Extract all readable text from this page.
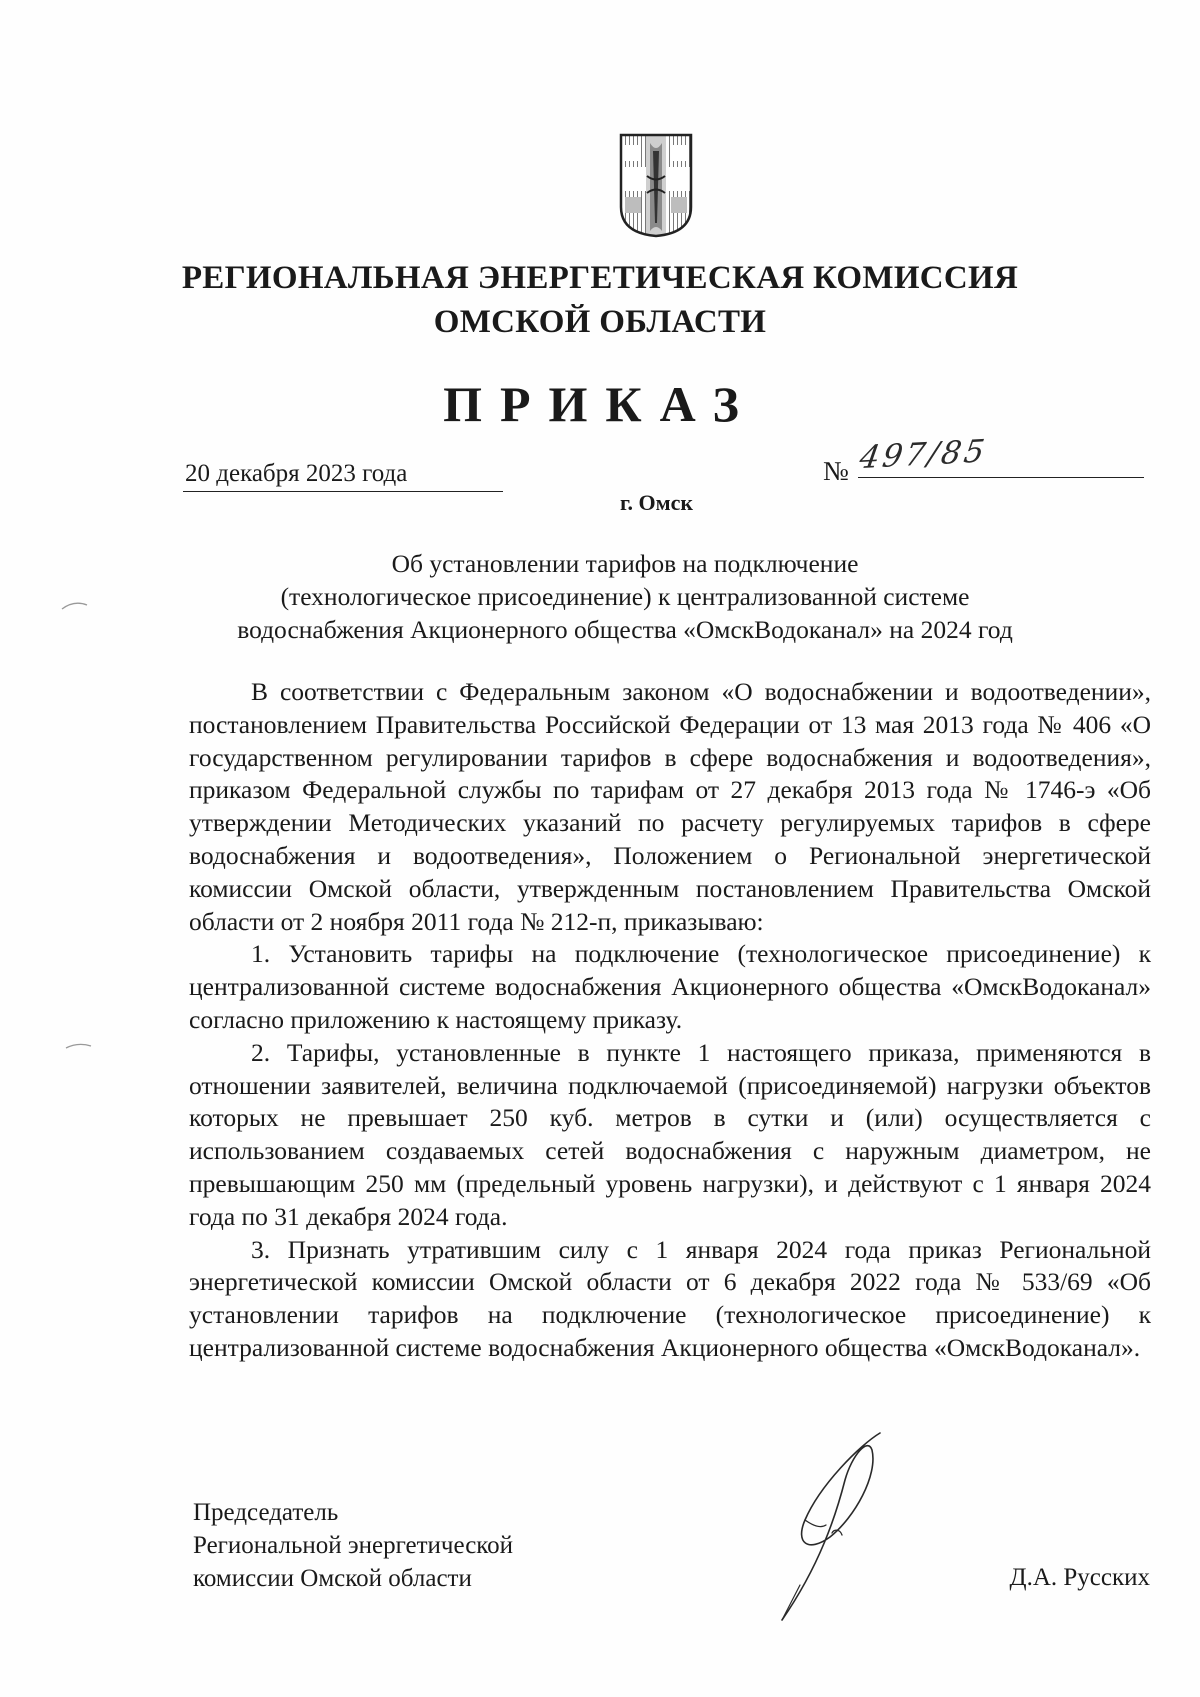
РЕГИОНАЛЬНАЯ ЭНЕРГЕТИЧЕСКАЯ КОМИССИЯ
ОМСКОЙ ОБЛАСТИ
ПРИКАЗ
20 декабря 2023 года	№ 497/85
г. Омск
Об установлении тарифов на подключение
(технологическое присоединение) к централизованной системе
водоснабжения Акционерного общества «ОмскВодоканал» на 2024 год

В соответствии с Федеральным законом «О водоснабжении и водоотведении», постановлением Правительства Российской Федерации от 13 мая 2013 года № 406 «О государственном регулировании тарифов в сфере водоснабжения и водоотведения», приказом Федеральной службы по тарифам от 27 декабря 2013 года № 1746-э «Об утверждении Методических указаний по расчету регулируемых тарифов в сфере водоснабжения и водоотведения», Положением о Региональной энергетической комиссии Омской области, утвержденным постановлением Правительства Омской области от 2 ноября 2011 года № 212-п, приказываю:

1. Установить тарифы на подключение (технологическое присоединение) к централизованной системе водоснабжения Акционерного общества «ОмскВодоканал» согласно приложению к настоящему приказу.

2. Тарифы, установленные в пункте 1 настоящего приказа, применяются в отношении заявителей, величина подключаемой (присоединяемой) нагрузки объектов которых не превышает 250 куб. метров в сутки и (или) осуществляется с использованием создаваемых сетей водоснабжения с наружным диаметром, не превышающим 250 мм (предельный уровень нагрузки), и действуют с 1 января 2024 года по 31 декабря 2024 года.

3. Признать утратившим силу с 1 января 2024 года приказ Региональной энергетической комиссии Омской области от 6 декабря 2022 года № 533/69 «Об установлении тарифов на подключение (технологическое присоединение) к централизованной системе водоснабжения Акционерного общества «ОмскВодоканал».

Председатель
Региональной энергетической
комиссии Омской области	Д.А. Русских
